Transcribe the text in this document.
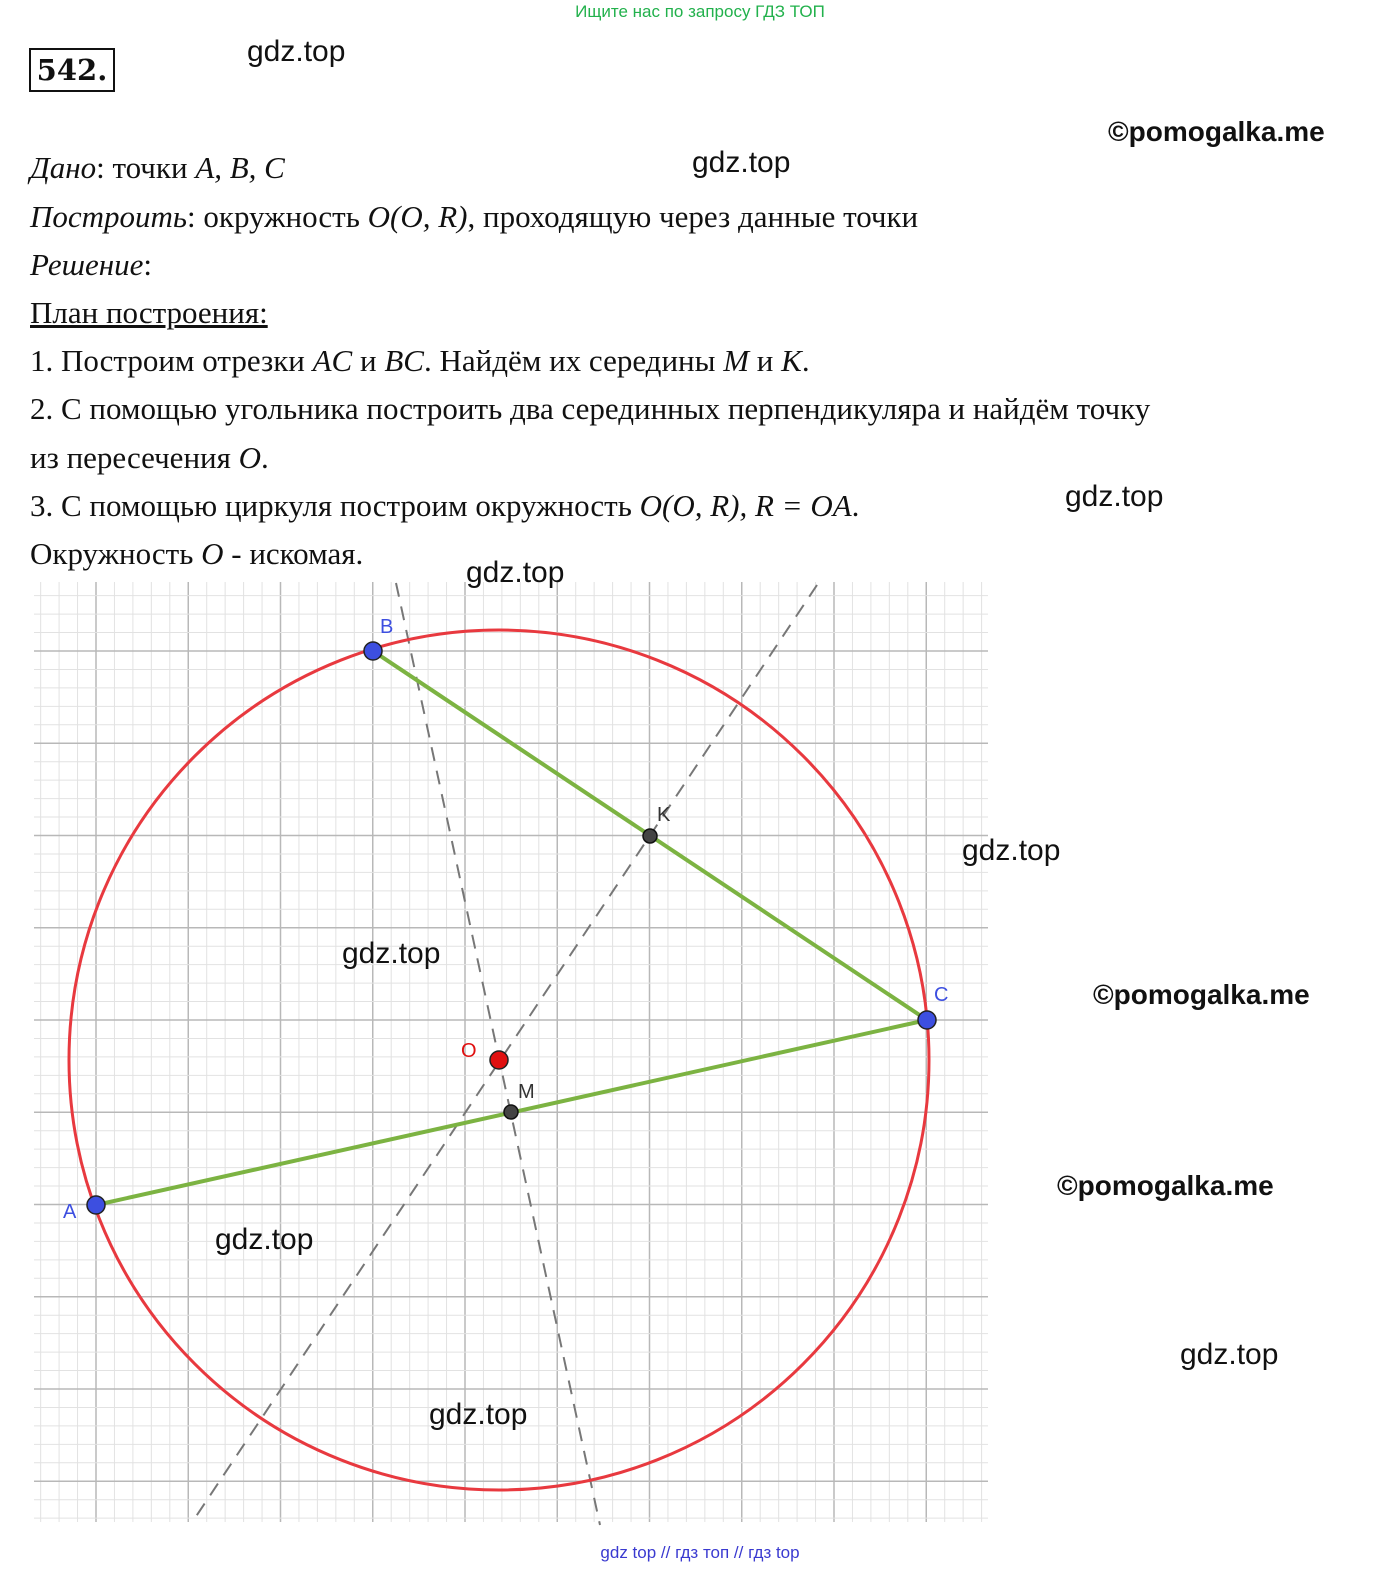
Ищите нас по запросу ГДЗ ТОП
542.
Дано: точки A, B, C
Построить: окружность O(O, R), проходящую через данные точки
Решение:
План построения:
1. Построим отрезки AC и BC. Найдём их середины M и K.
2. С помощью угольника построить два серединных перпендикуляра и найдём точку
из пересечения O.
3. С помощью циркуля построим окружность O(O, R), R = OA.
Окружность O - искомая.
A
B
C
K
M
O
gdz.top
©pomogalka.me
gdz.top
gdz.top
gdz.top
gdz.top
gdz.top
©pomogalka.me
©pomogalka.me
gdz.top
gdz.top
gdz.top
gdz top // гдз топ // гдз top
